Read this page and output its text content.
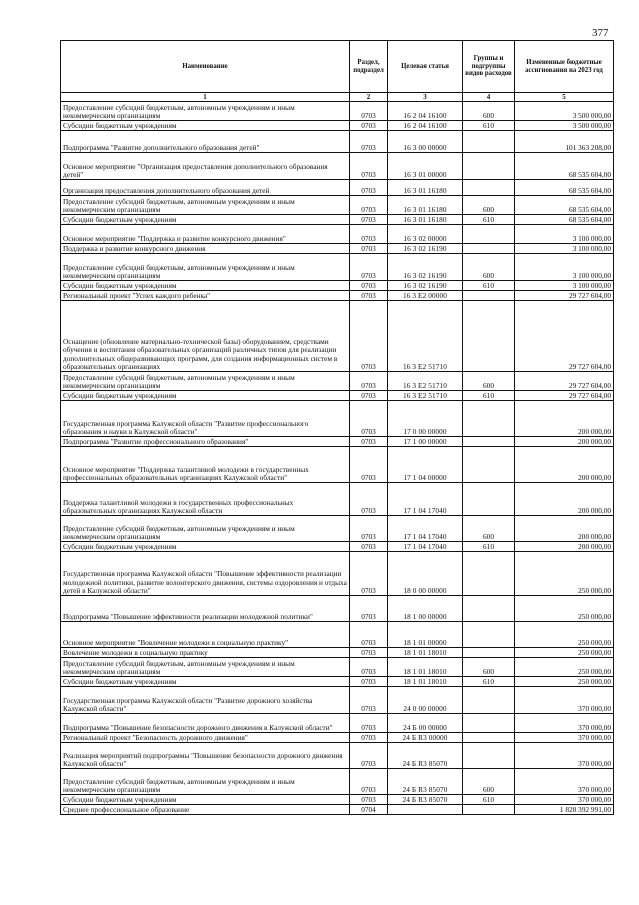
377
Наименование	Раздел, подраздел	Целевая статья	Группы и подгруппы видов расходов	Измененные бюджетные ассигнования на 2023 год
1	2	3	4	5
Предоставление субсидий бюджетным, автономным учреждениям и иным некоммерческим организациям	0703	16 2 04 16100	600	3 500 000,00
Субсидии бюджетным учреждениям	0703	16 2 04 16100	610	3 500 000,00
Подпрограмма "Развитие дополнительного образования детей"	0703	16 3 00 00000		101 363 208,00
Основное мероприятие "Организация предоставления дополнительного образования детей"	0703	16 3 01 00000		68 535 604,00
Организация предоставления дополнительного образования детей	0703	16 3 01 16180		68 535 604,00
Предоставление субсидий бюджетным, автономным учреждениям и иным некоммерческим организациям	0703	16 3 01 16180	600	68 535 604,00
Субсидии бюджетным учреждениям	0703	16 3 01 16180	610	68 535 604,00
Основное мероприятие "Поддержка и развитие конкурсного движения"	0703	16 3 02 00000		3 100 000,00
Поддержка и развитие конкурсного движения	0703	16 3 02 16190		3 100 000,00
Предоставление субсидий бюджетным, автономным учреждениям и иным некоммерческим организациям	0703	16 3 02 16190	600	3 100 000,00
Субсидии бюджетным учреждениям	0703	16 3 02 16190	610	3 100 000,00
Региональный проект "Успех каждого ребенка"	0703	16 3 E2 00000		29 727 604,00
Оснащение (обновление материально-технической базы) оборудованием, средствами обучения и воспитания образовательных организаций различных типов для реализации дополнительных общеразвивающих программ, для создания информационных систем в образовательных организациях	0703	16 3 E2 51710		29 727 604,00
Предоставление субсидий бюджетным, автономным учреждениям и иным некоммерческим организациям	0703	16 3 E2 51710	600	29 727 604,00
Субсидии бюджетным учреждениям	0703	16 3 E2 51710	610	29 727 604,00
Государственная программа Калужской области "Развитие профессионального образования и науки в Калужской области"	0703	17 0 00 00000		200 000,00
Подпрограмма "Развитие профессионального образования"	0703	17 1 00 00000		200 000,00
Основное мероприятие "Поддержка талантливой молодежи в государственных профессиональных образовательных организациях Калужской области"	0703	17 1 04 00000		200 000,00
Поддержка талантливой молодежи в государственных профессиональных образовательных организациях Калужской области	0703	17 1 04 17040		200 000,00
Предоставление субсидий бюджетным, автономным учреждениям и иным некоммерческим организациям	0703	17 1 04 17040	600	200 000,00
Субсидии бюджетным учреждениям	0703	17 1 04 17040	610	200 000,00
Государственная программа Калужской области "Повышение эффективности реализации молодежной политики, развитие волонтерского движения, системы оздоровления и отдыха детей в Калужской области"	0703	18 0 00 00000		250 000,00
Подпрограмма "Повышение эффективности реализации молодежной политики"	0703	18 1 00 00000		250 000,00
Основное мероприятие "Вовлечение молодежи в социальную практику"	0703	18 1 01 00000		250 000,00
Вовлечение молодежи в социальную практику	0703	18 1 01 18010		250 000,00
Предоставление субсидий бюджетным, автономным учреждениям и иным некоммерческим организациям	0703	18 1 01 18010	600	250 000,00
Субсидии бюджетным учреждениям	0703	18 1 01 18010	610	250 000,00
Государственная программа Калужской области "Развитие дорожного хозяйства Калужской области"	0703	24 0 00 00000		370 000,00
Подпрограмма "Повышение безопасности дорожного движения в Калужской области"	0703	24 Б 00 00000		370 000,00
Региональный проект "Безопасность дорожного движения"	0703	24 Б R3 00000		370 000,00
Реализация мероприятий подпрограммы "Повышение безопасности дорожного движения Калужской области"	0703	24 Б R3 85070		370 000,00
Предоставление субсидий бюджетным, автономным учреждениям и иным некоммерческим организациям	0703	24 Б R3 85070	600	370 000,00
Субсидии бюджетным учреждениям	0703	24 Б R3 85070	610	370 000,00
Среднее профессиональное образование	0704			1 828 392 991,00
